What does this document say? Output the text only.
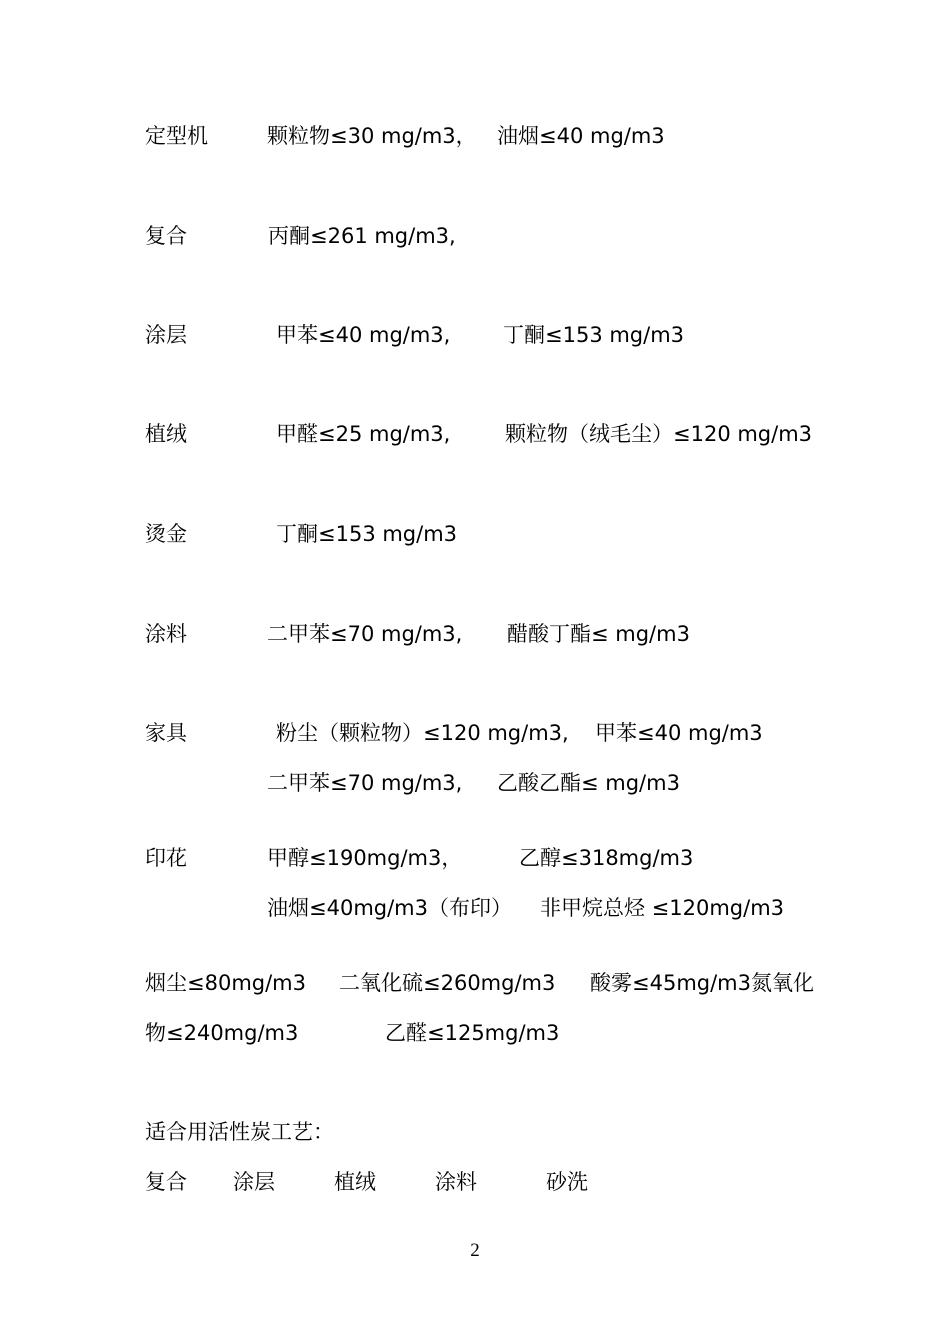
定型机	颗粒物≤30 mg/m3， 油烟≤40 mg/m3
复合	丙酮≤261 mg/m3,
涂层	甲苯≤40 mg/m3,	丁酮≤153 mg/m3
植绒	甲醛≤25 mg/m3,	颗粒物（绒毛尘）≤120 mg/m3
烫金	丁酮≤153 mg/m3
涂料	二甲苯≤70 mg/m3, 醋酸丁酯≤ mg/m3
家具	粉尘（颗粒物）≤120 mg/m3, 甲苯≤40 mg/m3
二甲苯≤70 mg/m3, 乙酸乙酯≤ mg/m3
印花	甲醇≤190mg/m3，	乙醇≤318mg/m3
油烟≤40mg/m3（布印） 非甲烷总烃 ≤120mg/m3
烟尘≤80mg/m3 二氧化硫≤260mg/m3 酸雾≤45mg/m3氮氧化
物≤240mg/m3	乙醛≤125mg/m3
适合用活性炭工艺：
复合 涂层	植绒	涂料	砂洗
2
